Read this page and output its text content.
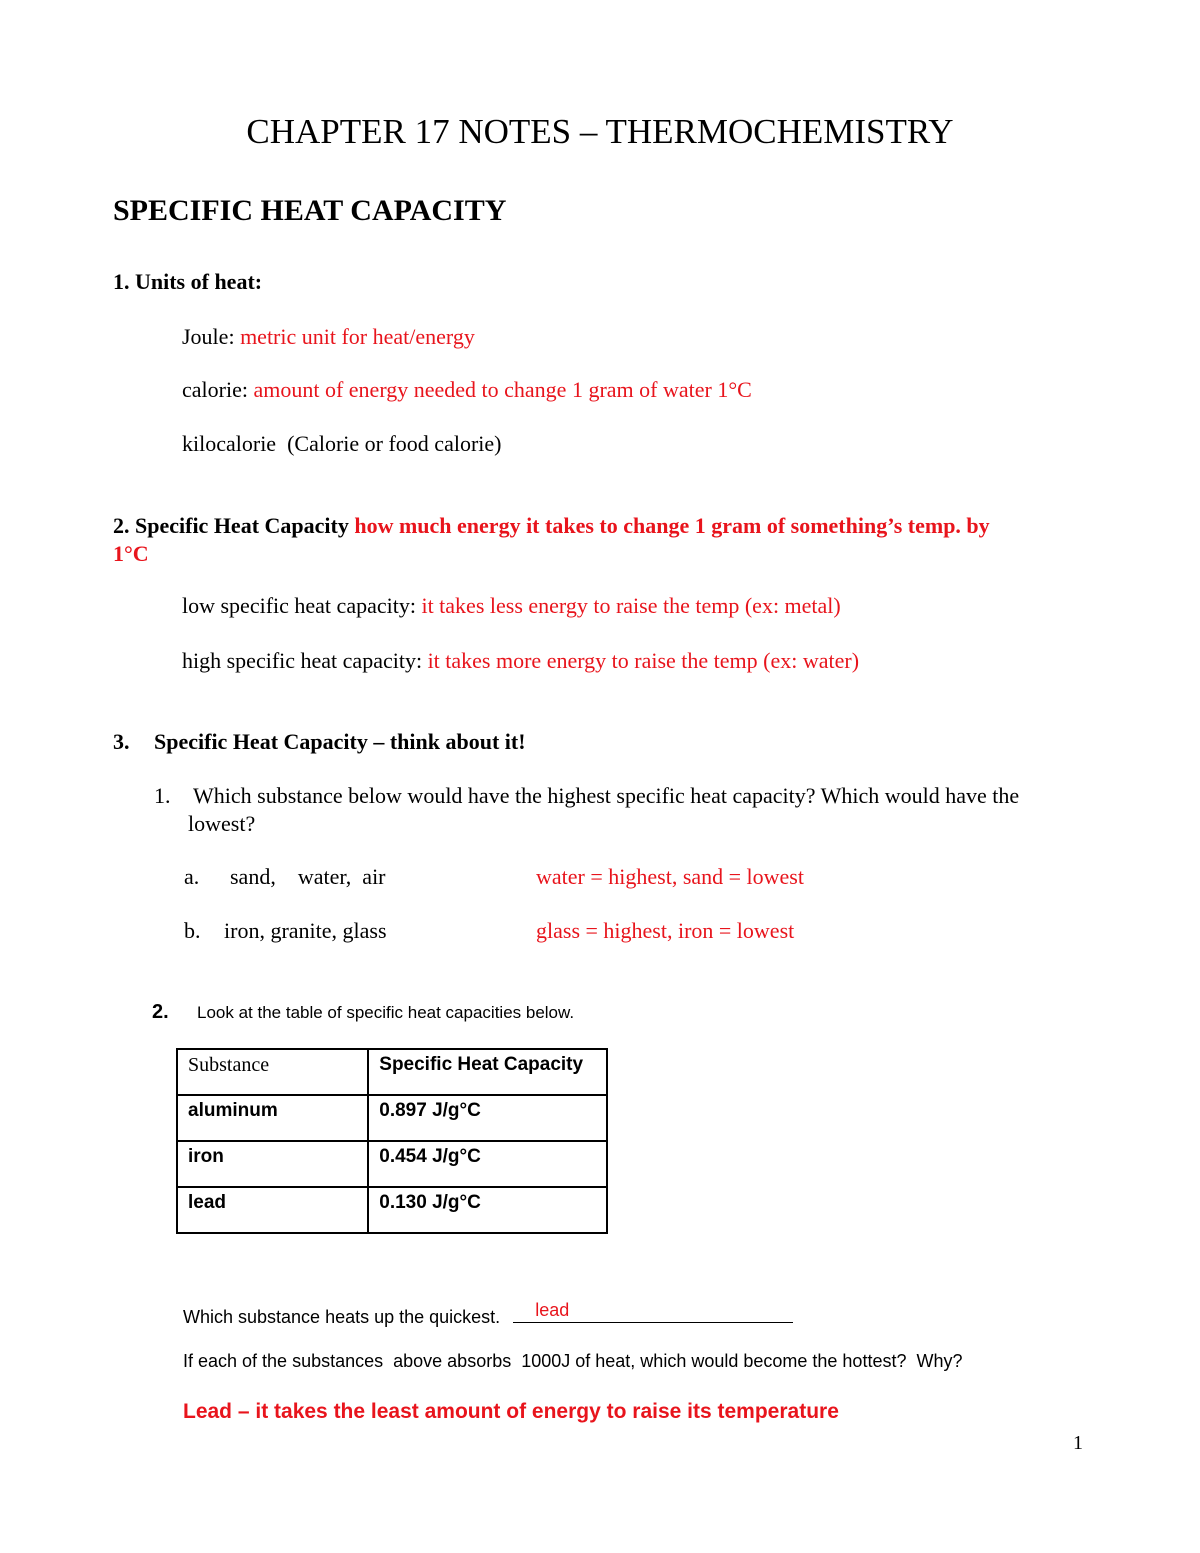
CHAPTER 17 NOTES – THERMOCHEMISTRY
SPECIFIC HEAT CAPACITY
1. Units of heat:
Joule: metric unit for heat/energy
calorie: amount of energy needed to change 1 gram of water 1°C
kilocalorie  (Calorie or food calorie)
2. Specific Heat Capacity how much energy it takes to change 1 gram of something’s temp. by
1°C
low specific heat capacity: it takes less energy to raise the temp (ex: metal)
high specific heat capacity: it takes more energy to raise the temp (ex: water)
3. Specific Heat Capacity – think about it!
1. Which substance below would have the highest specific heat capacity? Which would have the
lowest?
a. sand,    water,  air	water = highest, sand = lowest
b. iron, granite, glass	glass = highest, iron = lowest
2. Look at the table of specific heat capacities below.
Substance	Specific Heat Capacity
aluminum	0.897 J/g°C
iron	0.454 J/g°C
lead	0.130 J/g°C
Which substance heats up the quickest. lead
If each of the substances  above absorbs  1000J of heat, which would become the hottest?  Why?
Lead – it takes the least amount of energy to raise its temperature
1
